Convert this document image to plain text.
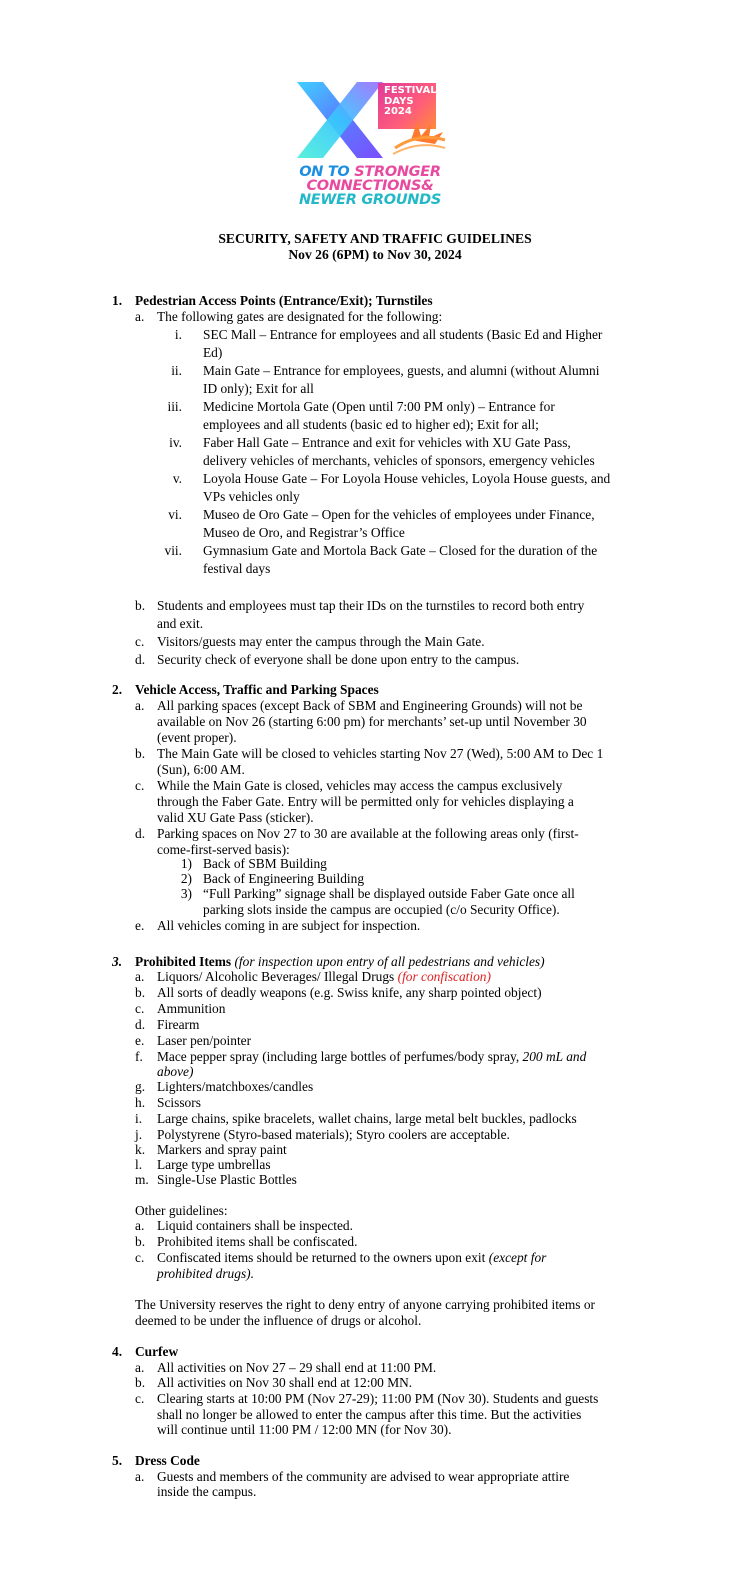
FESTIVAL
DAYS
2024
ON TO STRONGER
CONNECTIONS&
NEWER GROUNDS
SECURITY, SAFETY AND TRAFFIC GUIDELINES
Nov 26 (6PM) to Nov 30, 2024
1. Pedestrian Access Points (Entrance/Exit); Turnstiles
a. The following gates are designated for the following:
i. SEC Mall – Entrance for employees and all students (Basic Ed and Higher
Ed)
ii. Main Gate – Entrance for employees, guests, and alumni (without Alumni
ID only); Exit for all
iii. Medicine Mortola Gate (Open until 7:00 PM only) – Entrance for
employees and all students (basic ed to higher ed); Exit for all;
iv. Faber Hall Gate – Entrance and exit for vehicles with XU Gate Pass,
delivery vehicles of merchants, vehicles of sponsors, emergency vehicles
v. Loyola House Gate – For Loyola House vehicles, Loyola House guests, and
VPs vehicles only
vi. Museo de Oro Gate – Open for the vehicles of employees under Finance,
Museo de Oro, and Registrar’s Office
vii. Gymnasium Gate and Mortola Back Gate – Closed for the duration of the
festival days
b. Students and employees must tap their IDs on the turnstiles to record both entry
and exit.
c. Visitors/guests may enter the campus through the Main Gate.
d. Security check of everyone shall be done upon entry to the campus.
2. Vehicle Access, Traffic and Parking Spaces
a. All parking spaces (except Back of SBM and Engineering Grounds) will not be
available on Nov 26 (starting 6:00 pm) for merchants’ set-up until November 30
(event proper).
b. The Main Gate will be closed to vehicles starting Nov 27 (Wed), 5:00 AM to Dec 1
(Sun), 6:00 AM.
c. While the Main Gate is closed, vehicles may access the campus exclusively
through the Faber Gate. Entry will be permitted only for vehicles displaying a
valid XU Gate Pass (sticker).
d. Parking spaces on Nov 27 to 30 are available at the following areas only (first-
come-first-served basis):
1) Back of SBM Building
2) Back of Engineering Building
3) “Full Parking” signage shall be displayed outside Faber Gate once all
parking slots inside the campus are occupied (c/o Security Office).
e. All vehicles coming in are subject for inspection.
3. Prohibited Items (for inspection upon entry of all pedestrians and vehicles)
a. Liquors/ Alcoholic Beverages/ Illegal Drugs (for confiscation)
b. All sorts of deadly weapons (e.g. Swiss knife, any sharp pointed object)
c. Ammunition
d. Firearm
e. Laser pen/pointer
f. Mace pepper spray (including large bottles of perfumes/body spray, 200 mL and
above)
g. Lighters/matchboxes/candles
h. Scissors
i. Large chains, spike bracelets, wallet chains, large metal belt buckles, padlocks
j. Polystyrene (Styro-based materials); Styro coolers are acceptable.
k. Markers and spray paint
l. Large type umbrellas
m. Single-Use Plastic Bottles
Other guidelines:
a. Liquid containers shall be inspected.
b. Prohibited items shall be confiscated.
c. Confiscated items should be returned to the owners upon exit (except for
prohibited drugs).
The University reserves the right to deny entry of anyone carrying prohibited items or
deemed to be under the influence of drugs or alcohol.
4. Curfew
a. All activities on Nov 27 – 29 shall end at 11:00 PM.
b. All activities on Nov 30 shall end at 12:00 MN.
c. Clearing starts at 10:00 PM (Nov 27-29); 11:00 PM (Nov 30). Students and guests
shall no longer be allowed to enter the campus after this time. But the activities
will continue until 11:00 PM / 12:00 MN (for Nov 30).
5. Dress Code
a. Guests and members of the community are advised to wear appropriate attire
inside the campus.
